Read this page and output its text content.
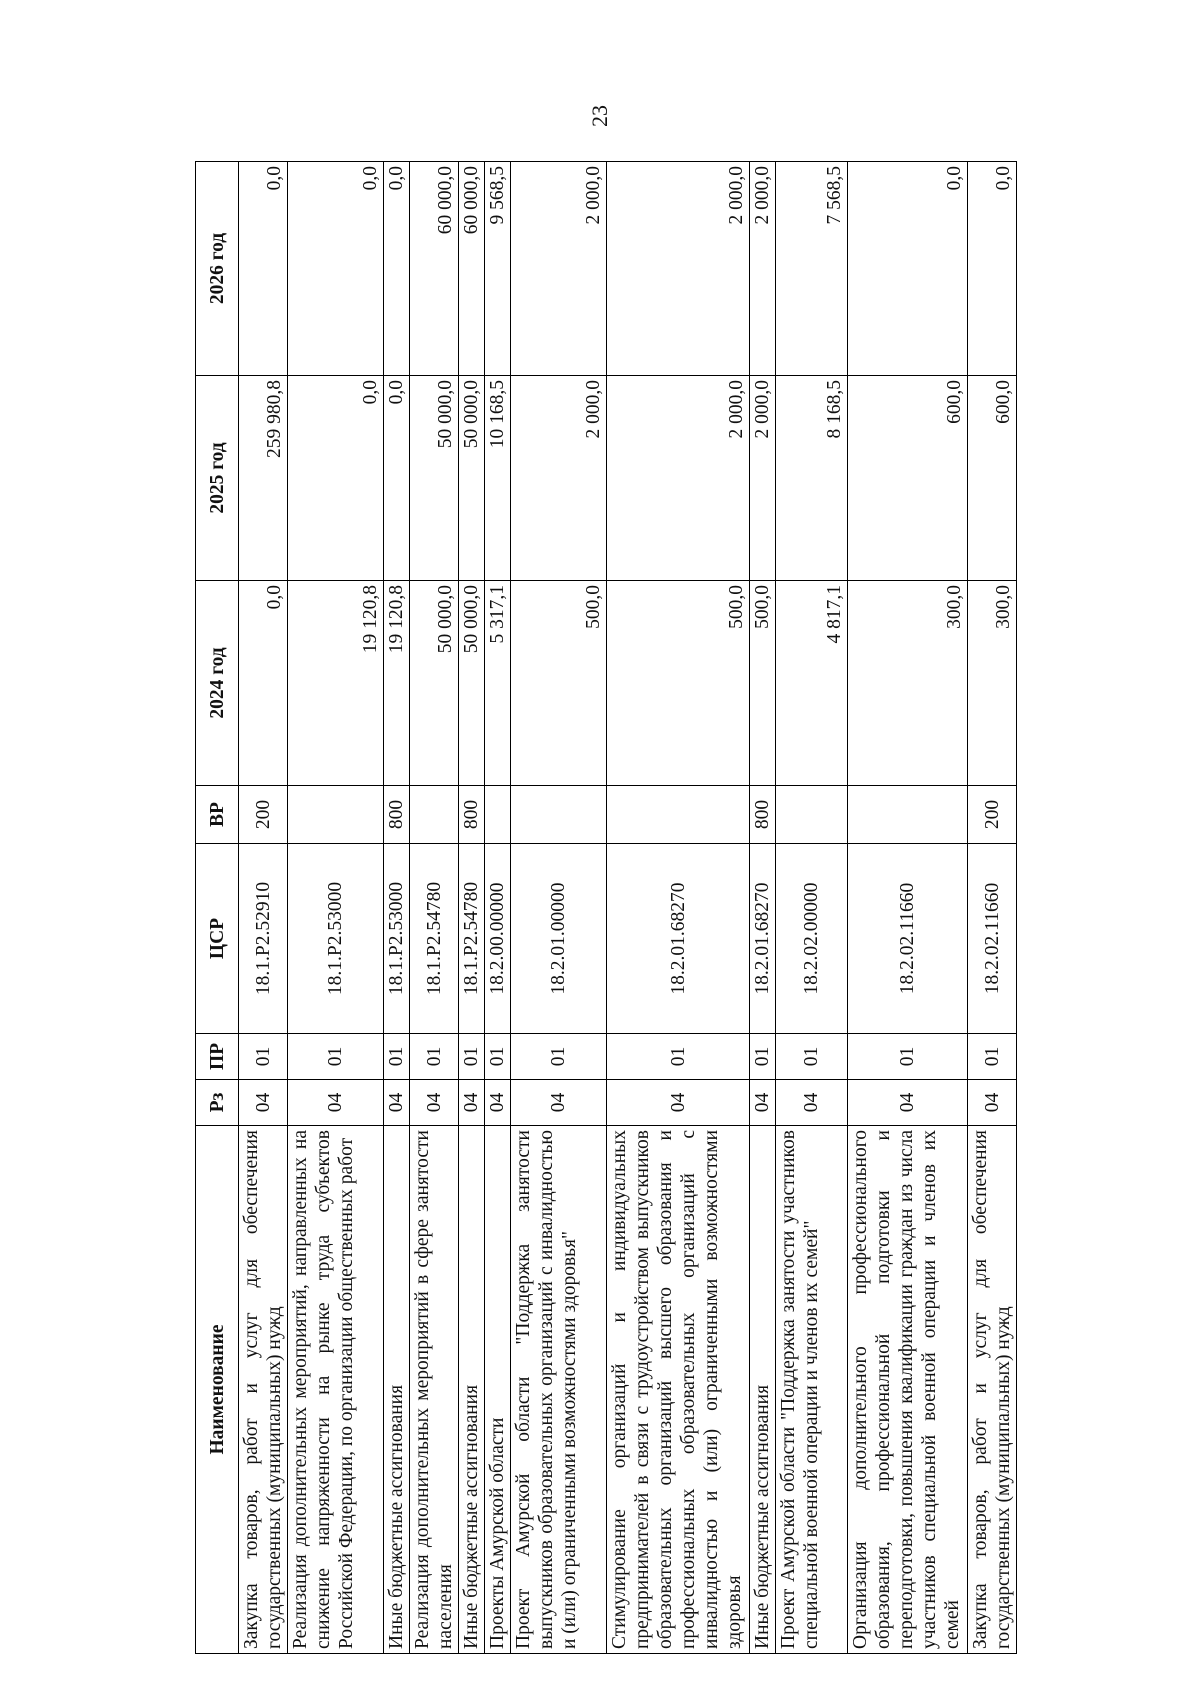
23
Наименование	Рз	ПР	ЦСР	ВР	2024 год	2025 год	2026 год
Закупка товаров, работ и услуг для обеспечения государственных (муниципальных) нужд	04	01	18.1.Р2.52910	200	0,0	259 980,8	0,0
Реализация дополнительных мероприятий, направленных на снижение напряженности на рынке труда субъектов Российской Федерации, по организации общественных работ	04	01	18.1.Р2.53000		19 120,8	0,0	0,0
Иные бюджетные ассигнования	04	01	18.1.Р2.53000	800	19 120,8	0,0	0,0
Реализация дополнительных мероприятий в сфере занятости населения	04	01	18.1.Р2.54780		50 000,0	50 000,0	60 000,0
Иные бюджетные ассигнования	04	01	18.1.Р2.54780	800	50 000,0	50 000,0	60 000,0
Проекты Амурской области	04	01	18.2.00.00000		5 317,1	10 168,5	9 568,5
Проект Амурской области "Поддержка занятости выпускников образовательных организаций с инвалидностью и (или) ограниченными возможностями здоровья"	04	01	18.2.01.00000		500,0	2 000,0	2 000,0
Стимулирование организаций и индивидуальных предпринимателей в связи с трудоустройством выпускников образовательных организаций высшего образования и профессиональных образовательных организаций с инвалидностью и (или) ограниченными возможностями здоровья	04	01	18.2.01.68270		500,0	2 000,0	2 000,0
Иные бюджетные ассигнования	04	01	18.2.01.68270	800	500,0	2 000,0	2 000,0
Проект Амурской области "Поддержка занятости участников специальной военной операции и членов их семей"	04	01	18.2.02.00000		4 817,1	8 168,5	7 568,5
Организация дополнительного профессионального образования, профессиональной подготовки и переподготовки, повышения квалификации граждан из числа участников специальной военной операции и членов их семей	04	01	18.2.02.11660		300,0	600,0	0,0
Закупка товаров, работ и услуг для обеспечения государственных (муниципальных) нужд	04	01	18.2.02.11660	200	300,0	600,0	0,0
